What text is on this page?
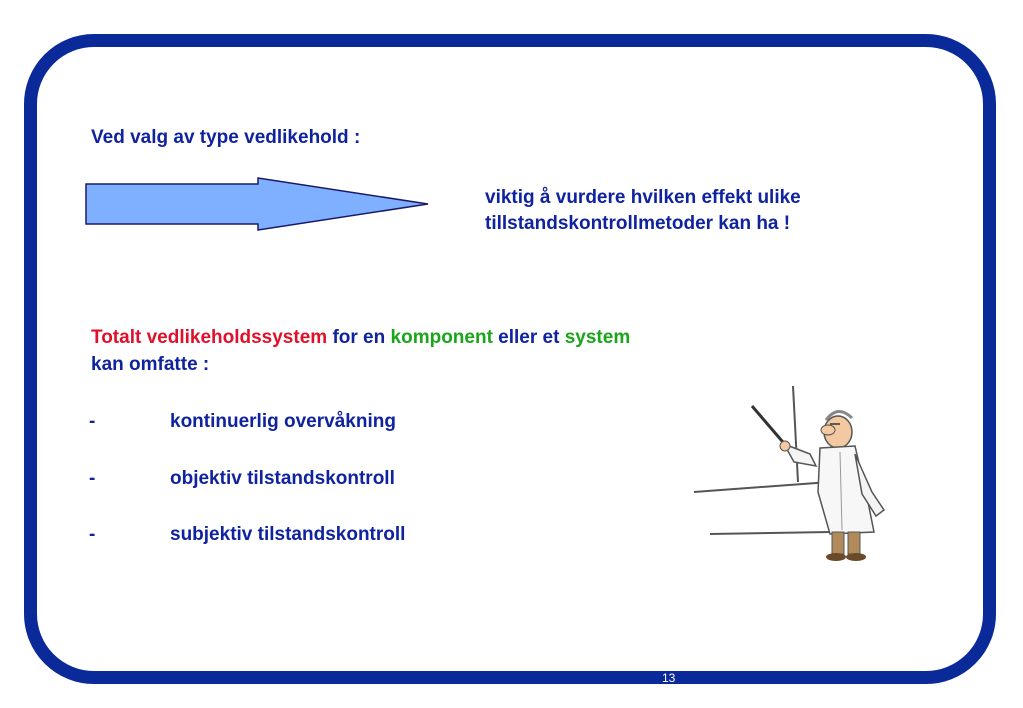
Ved valg av type vedlikehold :
viktig å vurdere hvilken effekt ulike
tillstandskontrollmetoder kan ha !
Totalt vedlikeholdssystem for en komponent eller et system
kan omfatte :
-	kontinuerlig overvåkning
-	objektiv tilstandskontroll
-	subjektiv tilstandskontroll
13
